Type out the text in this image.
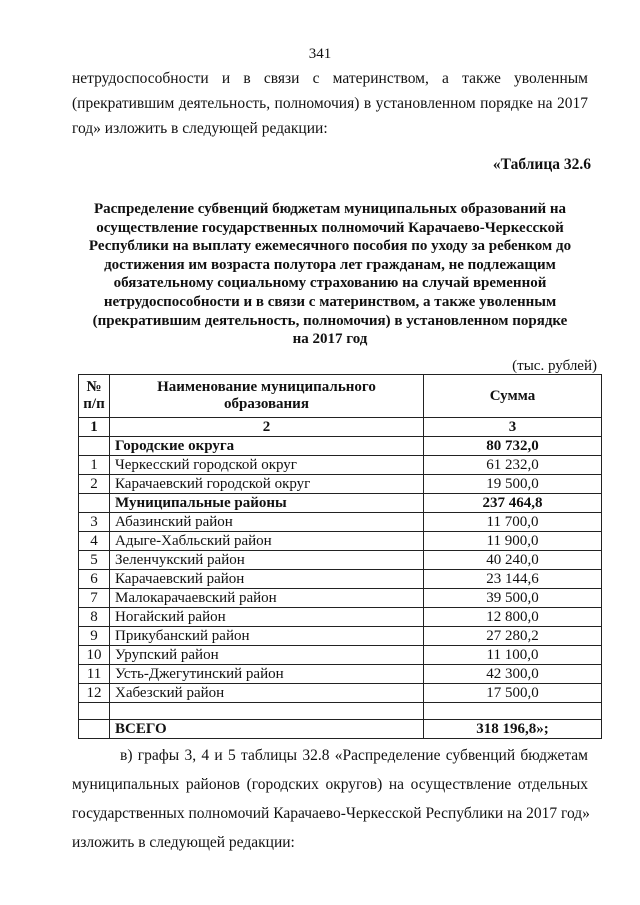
341
нетрудоспособности и в связи с материнством, а также уволенным
(прекратившим деятельность, полномочия) в установленном порядке на 2017
год» изложить в следующей редакции:
«Таблица 32.6
Распределение субвенций бюджетам муниципальных образований на
осуществление государственных полномочий Карачаево-Черкесской
Республики на выплату ежемесячного пособия по уходу за ребенком до
достижения им возраста полутора лет гражданам, не подлежащим
обязательному социальному страхованию на случай временной
нетрудоспособности и в связи с материнством, а также уволенным
(прекратившим деятельность, полномочия) в установленном порядке
на 2017 год
(тыс. рублей)
№ п/п	Наименование муниципального образования	Сумма
1	2	3
	Городские округа	80 732,0
1	Черкесский городской округ	61 232,0
2	Карачаевский городской округ	19 500,0
	Муниципальные районы	237 464,8
3	Абазинский район	11 700,0
4	Адыге-Хабльский район	11 900,0
5	Зеленчукский район	40 240,0
6	Карачаевский район	23 144,6
7	Малокарачаевский район	39 500,0
8	Ногайский район	12 800,0
9	Прикубанский район	27 280,2
10	Урупский район	11 100,0
11	Усть-Джегутинский район	42 300,0
12	Хабезский район	17 500,0

	ВСЕГО	318 196,8»;
в) графы 3, 4 и 5 таблицы 32.8 «Распределение субвенций бюджетам
муниципальных районов (городских округов) на осуществление отдельных
государственных полномочий Карачаево-Черкесской Республики на 2017 год»
изложить в следующей редакции:
